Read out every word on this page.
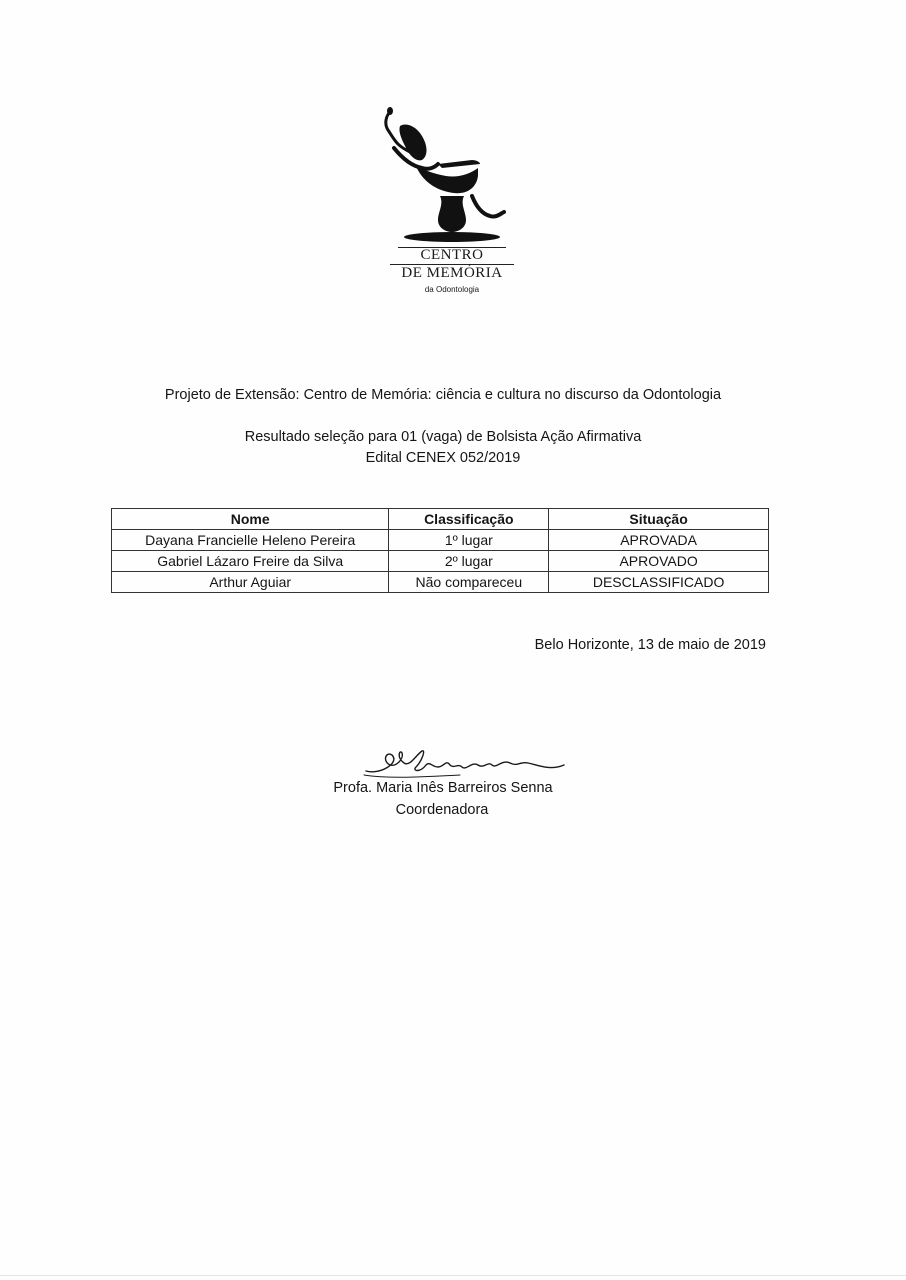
CENTRO
DE MEMÓRIA
da Odontologia
Projeto de Extensão: Centro de Memória: ciência e cultura no discurso da Odontologia
Resultado seleção para 01 (vaga) de Bolsista Ação Afirmativa
Edital CENEX 052/2019
Nome	Classificação	Situação
Dayana Francielle Heleno Pereira	1º lugar	APROVADA
Gabriel Lázaro Freire da Silva	2º lugar	APROVADO
Arthur Aguiar	Não compareceu	DESCLASSIFICADO
Belo Horizonte, 13 de maio de 2019
Profa. Maria Inês Barreiros Senna
Coordenadora
